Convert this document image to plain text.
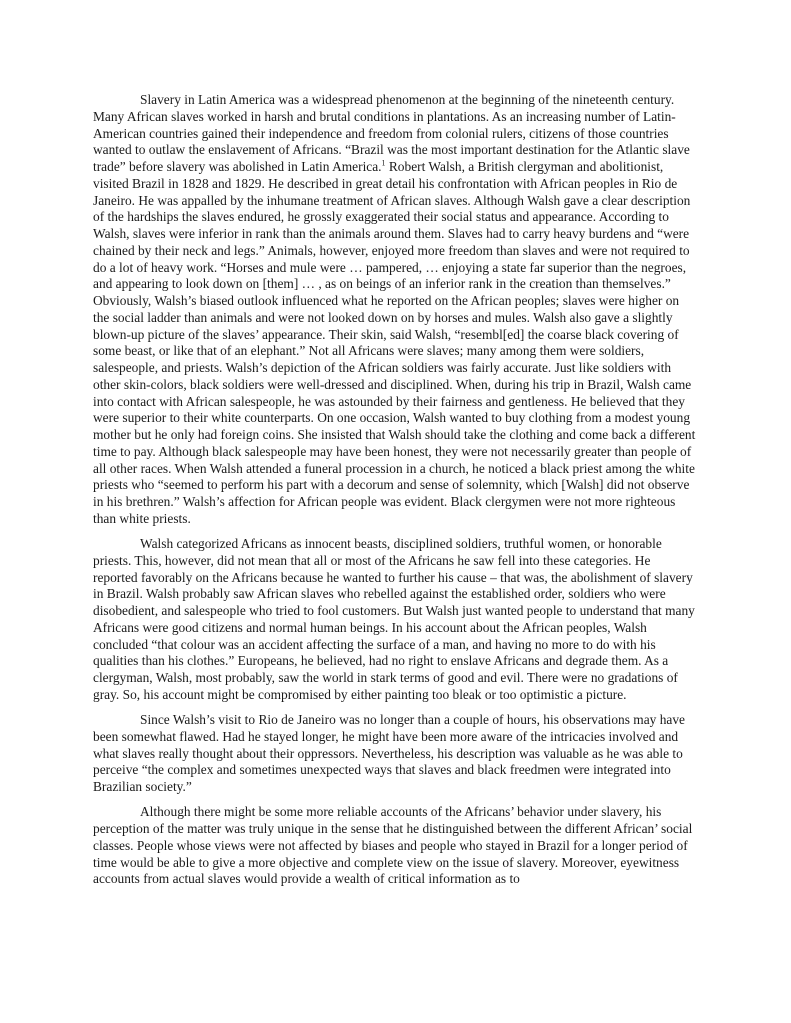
Slavery in Latin America was a widespread phenomenon at the beginning of the nineteenth century. Many African slaves worked in harsh and brutal conditions in plantations. As an increasing number of Latin-American countries gained their independence and freedom from colonial rulers, citizens of those countries wanted to outlaw the enslavement of Africans. “Brazil was the most important destination for the Atlantic slave trade” before slavery was abolished in Latin America.$^1$ Robert Walsh, a British clergyman and abolitionist, visited Brazil in 1828 and 1829. He described in great detail his confrontation with African peoples in Rio de Janeiro. He was appalled by the inhumane treatment of African slaves. Although Walsh gave a clear description of the hardships the slaves endured, he grossly exaggerated their social status and appearance. According to Walsh, slaves were inferior in rank than the animals around them. Slaves had to carry heavy burdens and “were chained by their neck and legs.” Animals, however, enjoyed more freedom than slaves and were not required to do a lot of heavy work. “Horses and mule were … pampered, … enjoying a state far superior than the negroes, and appearing to look down on [them] … , as on beings of an inferior rank in the creation than themselves.” Obviously, Walsh’s biased outlook influenced what he reported on the African peoples; slaves were higher on the social ladder than animals and were not looked down on by horses and mules. Walsh also gave a slightly blown-up picture of the slaves’ appearance. Their skin, said Walsh, “resembl[ed] the coarse black covering of some beast, or like that of an elephant.” Not all Africans were slaves; many among them were soldiers, salespeople, and priests. Walsh’s depiction of the African soldiers was fairly accurate. Just like soldiers with other skin-colors, black soldiers were well-dressed and disciplined. When, during his trip in Brazil, Walsh came into contact with African salespeople, he was astounded by their fairness and gentleness. He believed that they were superior to their white counterparts. On one occasion, Walsh wanted to buy clothing from a modest young mother but he only had foreign coins. She insisted that Walsh should take the clothing and come back a different time to pay. Although black salespeople may have been honest, they were not necessarily greater than people of all other races. When Walsh attended a funeral procession in a church, he noticed a black priest among the white priests who “seemed to perform his part with a decorum and sense of solemnity, which [Walsh] did not observe in his brethren.” Walsh’s affection for African people was evident. Black clergymen were not more righteous than white priests.

Walsh categorized Africans as innocent beasts, disciplined soldiers, truthful women, or honorable priests. This, however, did not mean that all or most of the Africans he saw fell into these categories. He reported favorably on the Africans because he wanted to further his cause – that was, the abolishment of slavery in Brazil. Walsh probably saw African slaves who rebelled against the established order, soldiers who were disobedient, and salespeople who tried to fool customers. But Walsh just wanted people to understand that many Africans were good citizens and normal human beings. In his account about the African peoples, Walsh concluded “that colour was an accident affecting the surface of a man, and having no more to do with his qualities than his clothes.” Europeans, he believed, had no right to enslave Africans and degrade them. As a clergyman, Walsh, most probably, saw the world in stark terms of good and evil. There were no gradations of gray. So, his account might be compromised by either painting too bleak or too optimistic a picture.

Since Walsh’s visit to Rio de Janeiro was no longer than a couple of hours, his observations may have been somewhat flawed. Had he stayed longer, he might have been more aware of the intricacies involved and what slaves really thought about their oppressors. Nevertheless, his description was valuable as he was able to perceive “the complex and sometimes unexpected ways that slaves and black freedmen were integrated into Brazilian society.”

Although there might be some more reliable accounts of the Africans’ behavior under slavery, his perception of the matter was truly unique in the sense that he distinguished between the different African’ social classes. People whose views were not affected by biases and people who stayed in Brazil for a longer period of time would be able to give a more objective and complete view on the issue of slavery. Moreover, eyewitness accounts from actual slaves would provide a wealth of critical information as to
